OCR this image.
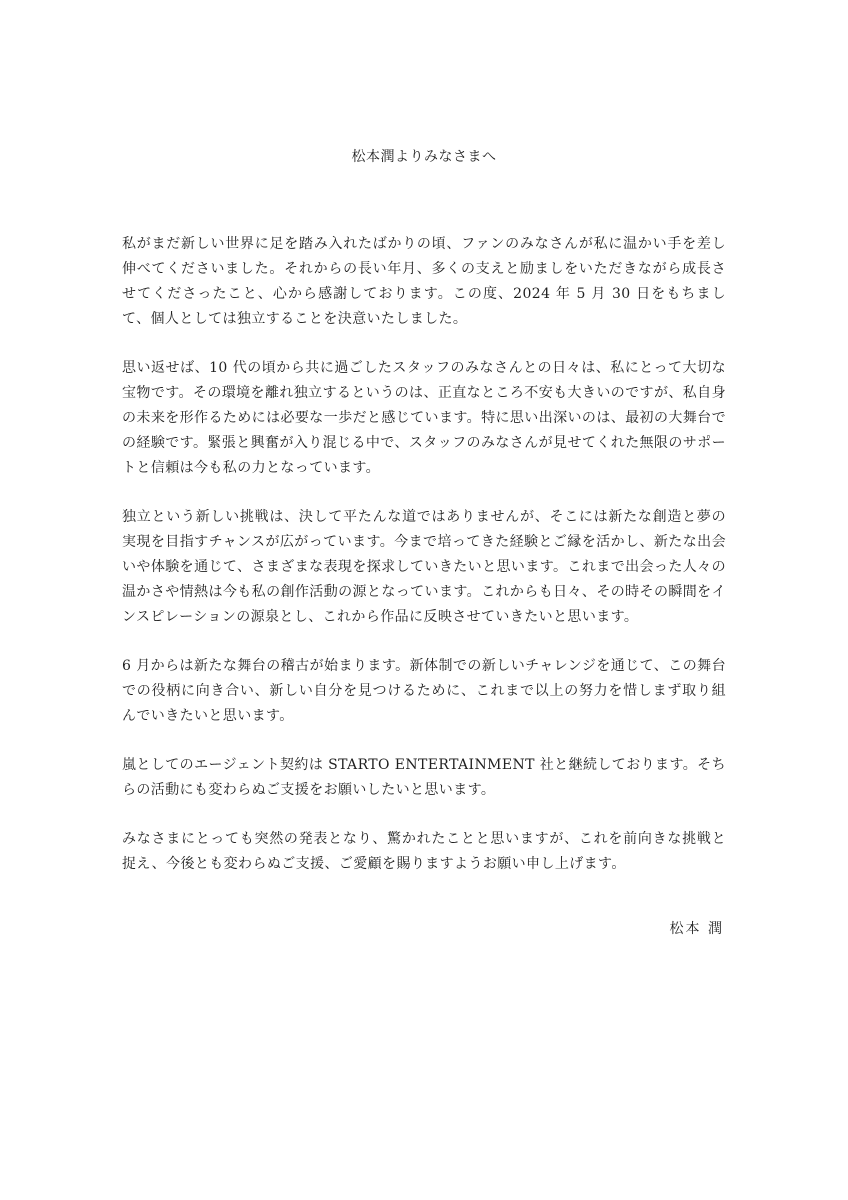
松本潤よりみなさまへ

私がまだ新しい世界に足を踏み入れたばかりの頃、ファンのみなさんが私に温かい手を差し伸べてくださいました。それからの長い年月、多くの支えと励ましをいただきながら成長させてくださったこと、心から感謝しております。この度、2024 年 5 月 30 日をもちまして、個人としては独立することを決意いたしました。

思い返せば、10 代の頃から共に過ごしたスタッフのみなさんとの日々は、私にとって大切な宝物です。その環境を離れ独立するというのは、正直なところ不安も大きいのですが、私自身の未来を形作るためには必要な一歩だと感じています。特に思い出深いのは、最初の大舞台での経験です。緊張と興奮が入り混じる中で、スタッフのみなさんが見せてくれた無限のサポートと信頼は今も私の力となっています。

独立という新しい挑戦は、決して平たんな道ではありませんが、そこには新たな創造と夢の実現を目指すチャンスが広がっています。今まで培ってきた経験とご縁を活かし、新たな出会いや体験を通じて、さまざまな表現を探求していきたいと思います。これまで出会った人々の温かさや情熱は今も私の創作活動の源となっています。これからも日々、その時その瞬間をインスピレーションの源泉とし、これから作品に反映させていきたいと思います。

6 月からは新たな舞台の稽古が始まります。新体制での新しいチャレンジを通じて、この舞台での役柄に向き合い、新しい自分を見つけるために、これまで以上の努力を惜しまず取り組んでいきたいと思います。

嵐としてのエージェント契約は STARTO ENTERTAINMENT 社と継続しております。そちらの活動にも変わらぬご支援をお願いしたいと思います。

みなさまにとっても突然の発表となり、驚かれたことと思いますが、これを前向きな挑戦と捉え、今後とも変わらぬご支援、ご愛顧を賜りますようお願い申し上げます。

松本 潤
